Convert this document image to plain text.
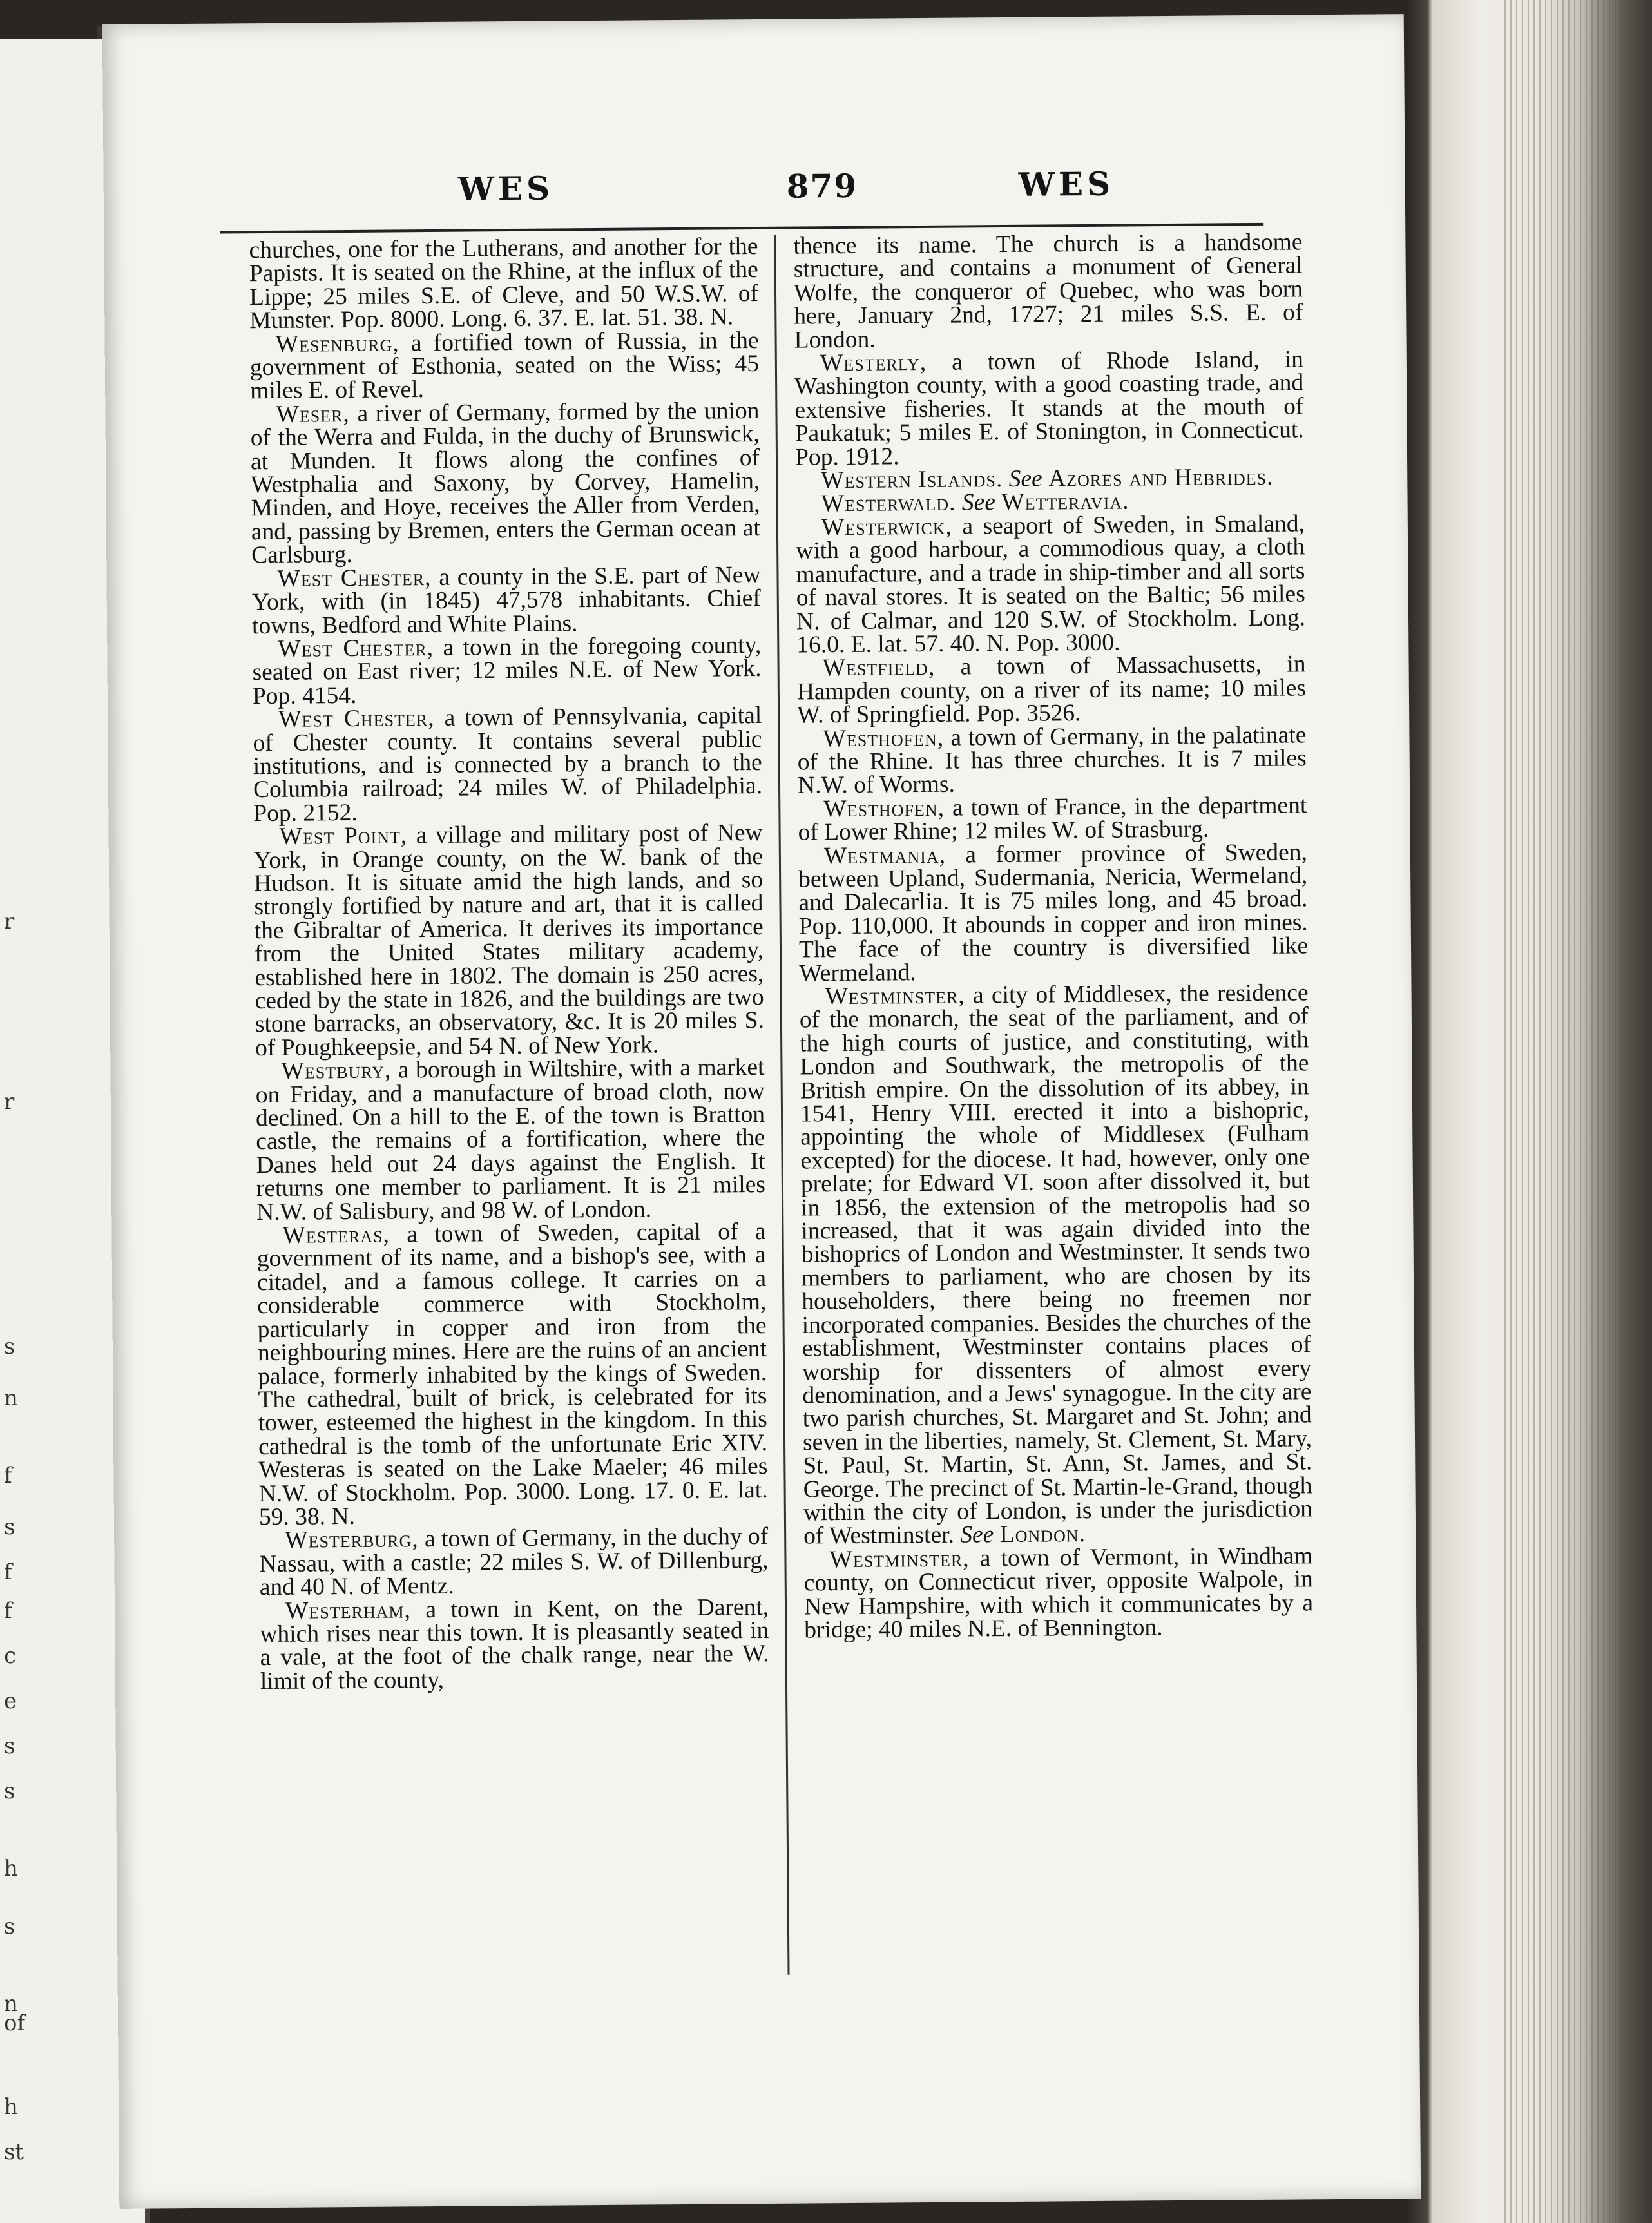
r
r
s
n
f
s
f
f
c
e
s
s
h
s
n
of
h
st
WES	879	WES

churches, one for the Lutherans, and another for the Papists. It is seated on the Rhine, at the influx of the Lippe; 25 miles S.E. of Cleve, and 50 W.S.W. of Munster. Pop. 8000. Long. 6. 37. E. lat. 51. 38. N.

Wesenburg, a fortified town of Russia, in the government of Esthonia, seated on the Wiss; 45 miles E. of Revel.

Weser, a river of Germany, formed by the union of the Werra and Fulda, in the duchy of Brunswick, at Munden. It flows along the confines of Westphalia and Saxony, by Corvey, Hamelin, Minden, and Hoye, receives the Aller from Verden, and, passing by Bremen, enters the German ocean at Carlsburg.

West Chester, a county in the S.E. part of New York, with (in 1845) 47,578 inhabitants. Chief towns, Bedford and White Plains.

West Chester, a town in the foregoing county, seated on East river; 12 miles N.E. of New York. Pop. 4154.

West Chester, a town of Pennsylvania, capital of Chester county. It contains several public institutions, and is connected by a branch to the Columbia railroad; 24 miles W. of Philadelphia. Pop. 2152.

West Point, a village and military post of New York, in Orange county, on the W. bank of the Hudson. It is situate amid the high lands, and so strongly fortified by nature and art, that it is called the Gibraltar of America. It derives its importance from the United States military academy, established here in 1802. The domain is 250 acres, ceded by the state in 1826, and the buildings are two stone barracks, an observatory, &c. It is 20 miles S. of Poughkeepsie, and 54 N. of New York.

Westbury, a borough in Wiltshire, with a market on Friday, and a manufacture of broad cloth, now declined. On a hill to the E. of the town is Bratton castle, the remains of a fortification, where the Danes held out 24 days against the English. It returns one member to parliament. It is 21 miles N.W. of Salisbury, and 98 W. of London.

Westeras, a town of Sweden, capital of a government of its name, and a bishop's see, with a citadel, and a famous college. It carries on a considerable commerce with Stockholm, particularly in copper and iron from the neighbouring mines. Here are the ruins of an ancient palace, formerly inhabited by the kings of Sweden. The cathedral, built of brick, is celebrated for its tower, esteemed the highest in the kingdom. In this cathedral is the tomb of the unfortunate Eric XIV. Westeras is seated on the Lake Maeler; 46 miles N.W. of Stockholm. Pop. 3000. Long. 17. 0. E. lat. 59. 38. N.

Westerburg, a town of Germany, in the duchy of Nassau, with a castle; 22 miles S. W. of Dillenburg, and 40 N. of Mentz.

Westerham, a town in Kent, on the Darent, which rises near this town. It is pleasantly seated in a vale, at the foot of the chalk range, near the W. limit of the county,

thence its name. The church is a handsome structure, and contains a monument of General Wolfe, the conqueror of Quebec, who was born here, January 2nd, 1727; 21 miles S.S. E. of London.

Westerly, a town of Rhode Island, in Washington county, with a good coasting trade, and extensive fisheries. It stands at the mouth of Paukatuk; 5 miles E. of Stonington, in Connecticut. Pop. 1912.

Western Islands. See Azores and Hebrides.

Westerwald. See Wetteravia.

Westerwick, a seaport of Sweden, in Smaland, with a good harbour, a commodious quay, a cloth manufacture, and a trade in ship-timber and all sorts of naval stores. It is seated on the Baltic; 56 miles N. of Calmar, and 120 S.W. of Stockholm. Long. 16.0. E. lat. 57. 40. N. Pop. 3000.

Westfield, a town of Massachusetts, in Hampden county, on a river of its name; 10 miles W. of Springfield. Pop. 3526.

Westhofen, a town of Germany, in the palatinate of the Rhine. It has three churches. It is 7 miles N.W. of Worms.

Westhofen, a town of France, in the department of Lower Rhine; 12 miles W. of Strasburg.

Westmania, a former province of Sweden, between Upland, Sudermania, Nericia, Wermeland, and Dalecarlia. It is 75 miles long, and 45 broad. Pop. 110,000. It abounds in copper and iron mines. The face of the country is diversified like Wermeland.

Westminster, a city of Middlesex, the residence of the monarch, the seat of the parliament, and of the high courts of justice, and constituting, with London and Southwark, the metropolis of the British empire. On the dissolution of its abbey, in 1541, Henry VIII. erected it into a bishopric, appointing the whole of Middlesex (Fulham excepted) for the diocese. It had, however, only one prelate; for Edward VI. soon after dissolved it, but in 1856, the extension of the metropolis had so increased, that it was again divided into the bishoprics of London and Westminster. It sends two members to parliament, who are chosen by its householders, there being no freemen nor incorporated companies. Besides the churches of the establishment, Westminster contains places of worship for dissenters of almost every denomination, and a Jews' synagogue. In the city are two parish churches, St. Margaret and St. John; and seven in the liberties, namely, St. Clement, St. Mary, St. Paul, St. Martin, St. Ann, St. James, and St. George. The precinct of St. Martin-le-Grand, though within the city of London, is under the jurisdiction of Westminster. See London.

Westminster, a town of Vermont, in Windham county, on Connecticut river, opposite Walpole, in New Hampshire, with which it communicates by a bridge; 40 miles N.E. of Bennington.
